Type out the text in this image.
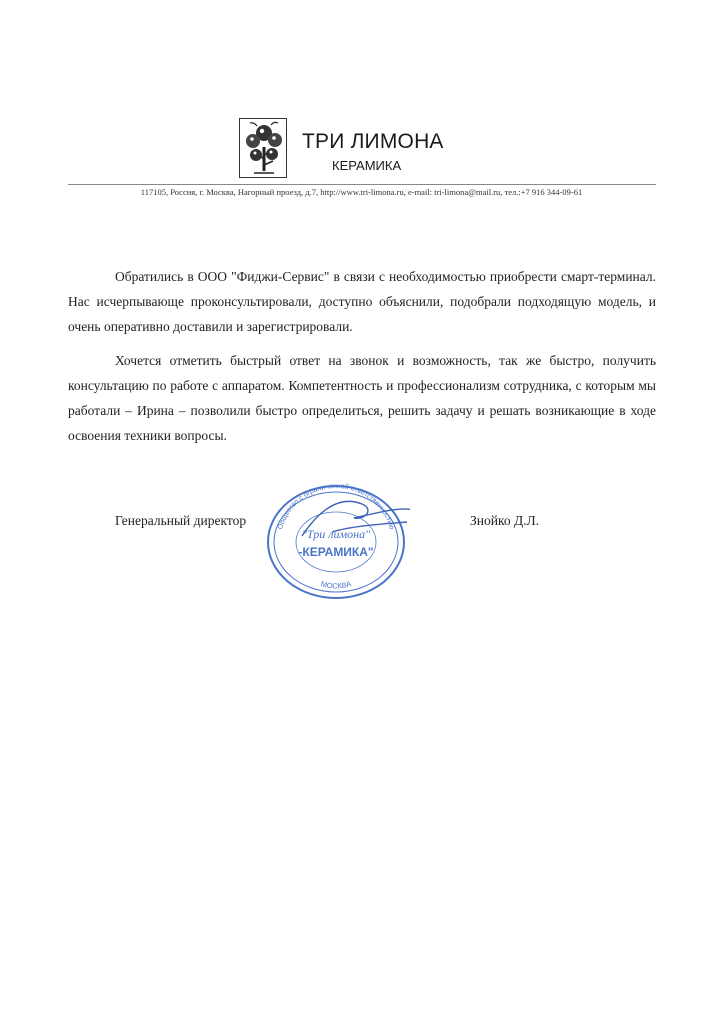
ТРИ ЛИМОНА
КЕРАМИКА
117105, Россия, г. Москва, Нагорный проезд, д.7, http://www.tri-limona.ru, e-mail: tri-limona@mail.ru, тел.:+7 916 344-09-61

Обратились в ООО "Фиджи-Сервис" в связи с необходимостью приобрести смарт-терминал. Нас исчерпывающе проконсультировали, доступно объяснили, подобрали подходящую модель, и очень оперативно доставили и зарегистрировали.

Хочется отметить быстрый ответ на звонок и возможность, так же быстро, получить консультацию по работе с аппаратом. Компетентность и профессионализм сотрудника, с которым мы работали – Ирина – позволили быстро определиться, решить задачу и решать возникающие в ходе освоения техники вопросы.

Генеральный директор	Знойко Д.Л.
Общество с ограниченной ответственностью
МОСКВА
"Три лимона"
-КЕРАМИКА"
